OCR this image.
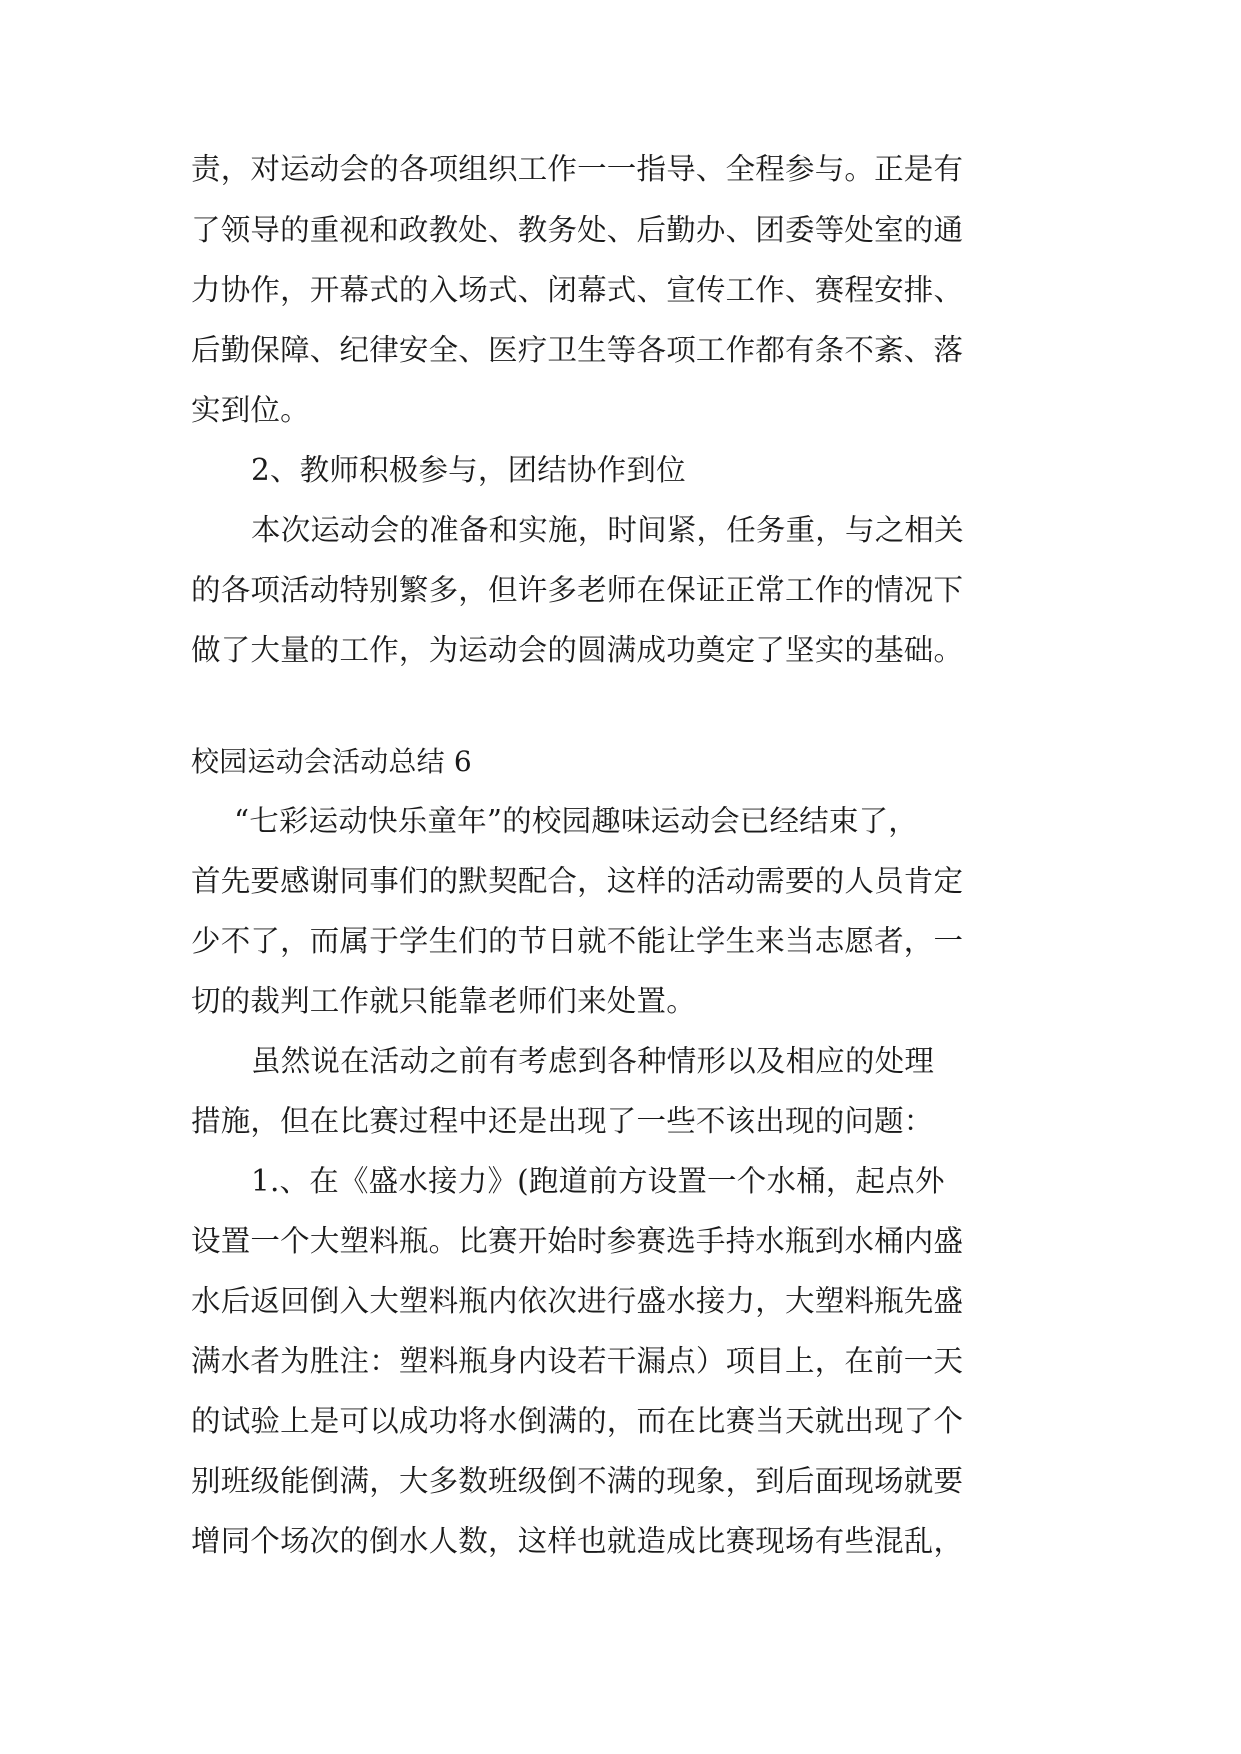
责，对运动会的各项组织工作一一指导、全程参与。正是有

了领导的重视和政教处、教务处、后勤办、团委等处室的通

力协作，开幕式的入场式、闭幕式、宣传工作、赛程安排、

后勤保障、纪律安全、医疗卫生等各项工作都有条不紊、落

实到位。

2、教师积极参与，团结协作到位

本次运动会的准备和实施，时间紧，任务重，与之相关

的各项活动特别繁多，但许多老师在保证正常工作的情况下

做了大量的工作，为运动会的圆满成功奠定了坚实的基础。

校园运动会活动总结 6

“七彩运动快乐童年”的校园趣味运动会已经结束了，

首先要感谢同事们的默契配合，这样的活动需要的人员肯定

少不了，而属于学生们的节日就不能让学生来当志愿者，一

切的裁判工作就只能靠老师们来处置。

虽然说在活动之前有考虑到各种情形以及相应的处理

措施，但在比赛过程中还是出现了一些不该出现的问题：

1.、在《盛水接力》(跑道前方设置一个水桶，起点外

设置一个大塑料瓶。比赛开始时参赛选手持水瓶到水桶内盛

水后返回倒入大塑料瓶内依次进行盛水接力，大塑料瓶先盛

满水者为胜注：塑料瓶身内设若干漏点）项目上，在前一天

的试验上是可以成功将水倒满的，而在比赛当天就出现了个

别班级能倒满，大多数班级倒不满的现象，到后面现场就要

增同个场次的倒水人数，这样也就造成比赛现场有些混乱，
